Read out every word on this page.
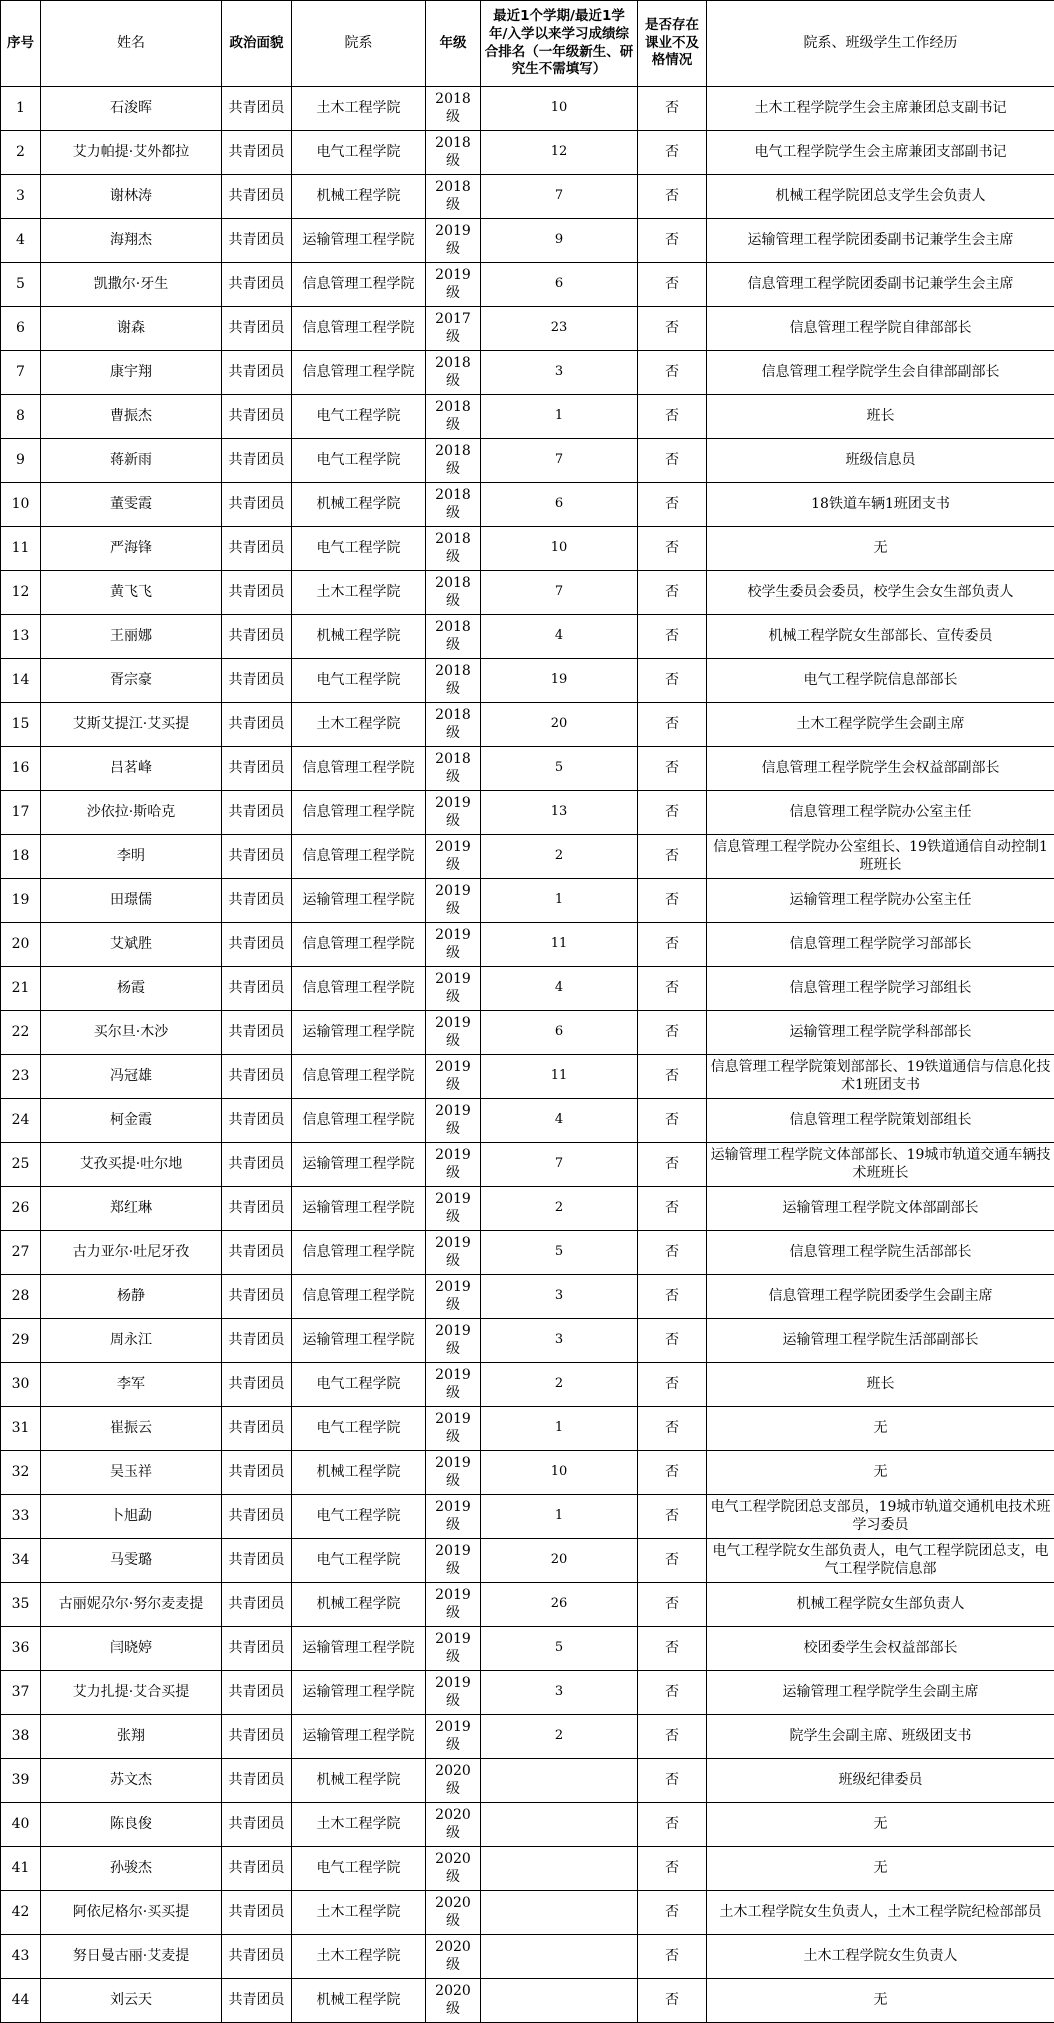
序号	姓名	政治面貌	院系	年级	最近1个学期/最近1学年/入学以来学习成绩综合排名（一年级新生、研究生不需填写）	是否存在课业不及格情况	院系、班级学生工作经历
1	石浚晖	共青团员	土木工程学院	2018级	10	否	土木工程学院学生会主席兼团总支副书记
2	艾力帕提·艾外都拉	共青团员	电气工程学院	2018级	12	否	电气工程学院学生会主席兼团支部副书记
3	谢林涛	共青团员	机械工程学院	2018级	7	否	机械工程学院团总支学生会负责人
4	海翔杰	共青团员	运输管理工程学院	2019级	9	否	运输管理工程学院团委副书记兼学生会主席
5	凯撒尔·牙生	共青团员	信息管理工程学院	2019级	6	否	信息管理工程学院团委副书记兼学生会主席
6	谢森	共青团员	信息管理工程学院	2017级	23	否	信息管理工程学院自律部部长
7	康宇翔	共青团员	信息管理工程学院	2018级	3	否	信息管理工程学院学生会自律部副部长
8	曹振杰	共青团员	电气工程学院	2018级	1	否	班长
9	蒋新雨	共青团员	电气工程学院	2018级	7	否	班级信息员
10	董雯霞	共青团员	机械工程学院	2018级	6	否	18铁道车辆1班团支书
11	严海锋	共青团员	电气工程学院	2018级	10	否	无
12	黄飞飞	共青团员	土木工程学院	2018级	7	否	校学生委员会委员，校学生会女生部负责人
13	王丽娜	共青团员	机械工程学院	2018级	4	否	机械工程学院女生部部长、宣传委员
14	胥宗豪	共青团员	电气工程学院	2018级	19	否	电气工程学院信息部部长
15	艾斯艾提江·艾买提	共青团员	土木工程学院	2018级	20	否	土木工程学院学生会副主席
16	吕茗峰	共青团员	信息管理工程学院	2018级	5	否	信息管理工程学院学生会权益部副部长
17	沙依拉·斯哈克	共青团员	信息管理工程学院	2019级	13	否	信息管理工程学院办公室主任
18	李明	共青团员	信息管理工程学院	2019级	2	否	信息管理工程学院办公室组长、19铁道通信自动控制1班班长
19	田璟儒	共青团员	运输管理工程学院	2019级	1	否	运输管理工程学院办公室主任
20	艾斌胜	共青团员	信息管理工程学院	2019级	11	否	信息管理工程学院学习部部长
21	杨霞	共青团员	信息管理工程学院	2019级	4	否	信息管理工程学院学习部组长
22	买尔旦·木沙	共青团员	运输管理工程学院	2019级	6	否	运输管理工程学院学科部部长
23	冯冠雄	共青团员	信息管理工程学院	2019级	11	否	信息管理工程学院策划部部长、19铁道通信与信息化技术1班团支书
24	柯金霞	共青团员	信息管理工程学院	2019级	4	否	信息管理工程学院策划部组长
25	艾孜买提·吐尔地	共青团员	运输管理工程学院	2019级	7	否	运输管理工程学院文体部部长、19城市轨道交通车辆技术班班长
26	郑红琳	共青团员	运输管理工程学院	2019级	2	否	运输管理工程学院文体部副部长
27	古力亚尔·吐尼牙孜	共青团员	信息管理工程学院	2019级	5	否	信息管理工程学院生活部部长
28	杨静	共青团员	信息管理工程学院	2019级	3	否	信息管理工程学院团委学生会副主席
29	周永江	共青团员	运输管理工程学院	2019级	3	否	运输管理工程学院生活部副部长
30	李军	共青团员	电气工程学院	2019级	2	否	班长
31	崔振云	共青团员	电气工程学院	2019级	1	否	无
32	吴玉祥	共青团员	机械工程学院	2019级	10	否	无
33	卜旭勐	共青团员	电气工程学院	2019级	1	否	电气工程学院团总支部员，19城市轨道交通机电技术班学习委员
34	马雯璐	共青团员	电气工程学院	2019级	20	否	电气工程学院女生部负责人，电气工程学院团总支，电气工程学院信息部
35	古丽妮尕尔·努尔麦麦提	共青团员	机械工程学院	2019级	26	否	机械工程学院女生部负责人
36	闫晓婷	共青团员	运输管理工程学院	2019级	5	否	校团委学生会权益部部长
37	艾力扎提·艾合买提	共青团员	运输管理工程学院	2019级	3	否	运输管理工程学院学生会副主席
38	张翔	共青团员	运输管理工程学院	2019级	2	否	院学生会副主席、班级团支书
39	苏文杰	共青团员	机械工程学院	2020级		否	班级纪律委员
40	陈良俊	共青团员	土木工程学院	2020级		否	无
41	孙骏杰	共青团员	电气工程学院	2020级		否	无
42	阿依尼格尔·买买提	共青团员	土木工程学院	2020级		否	土木工程学院女生负责人，土木工程学院纪检部部员
43	努日曼古丽·艾麦提	共青团员	土木工程学院	2020级		否	土木工程学院女生负责人
44	刘云天	共青团员	机械工程学院	2020级		否	无
